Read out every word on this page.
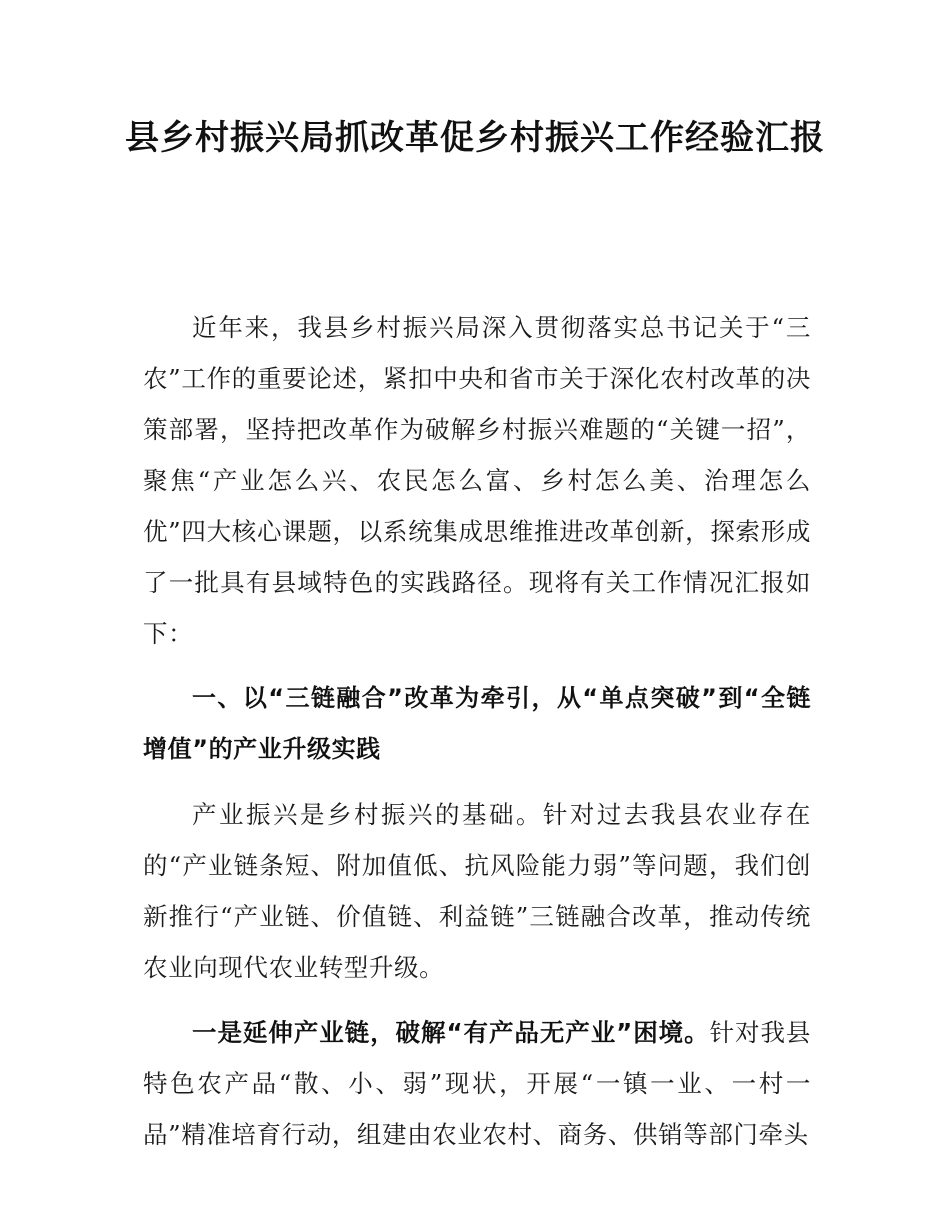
县乡村振兴局抓改革促乡村振兴工作经验汇报

近年来，我县乡村振兴局深入贯彻落实总书记关于“三农”工作的重要论述，紧扣中央和省市关于深化农村改革的决策部署，坚持把改革作为破解乡村振兴难题的“关键一招”，聚焦“产业怎么兴、农民怎么富、乡村怎么美、治理怎么优”四大核心课题，以系统集成思维推进改革创新，探索形成了一批具有县域特色的实践路径。现将有关工作情况汇报如下：

一、以“三链融合”改革为牵引，从“单点突破”到“全链增值”的产业升级实践

产业振兴是乡村振兴的基础。针对过去我县农业存在的“产业链条短、附加值低、抗风险能力弱”等问题，我们创新推行“产业链、价值链、利益链”三链融合改革，推动传统农业向现代农业转型升级。

一是延伸产业链，破解“有产品无产业”困境。针对我县特色农产品“散、小、弱”现状，开展“一镇一业、一村一品”精准培育行动，组建由农业农村、商务、供销等部门牵头
